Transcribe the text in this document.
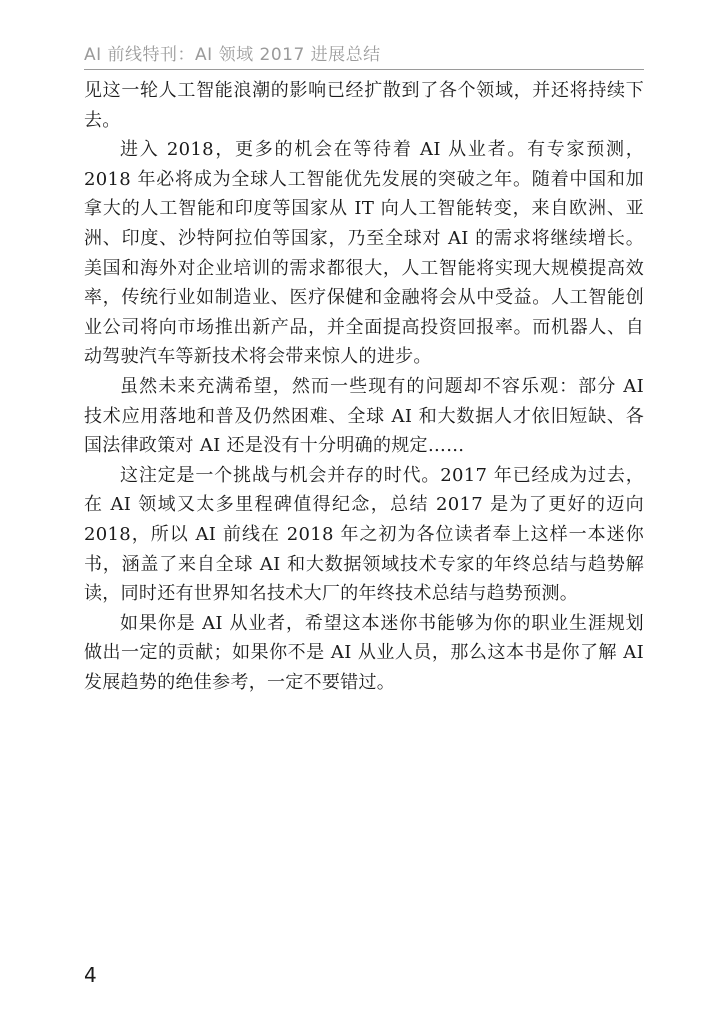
AI 前线特刊：AI 领域 2017 进展总结

见这一轮人工智能浪潮的影响已经扩散到了各个领域，并还将持续下去。

进入 2018，更多的机会在等待着 AI 从业者。有专家预测，2018 年必将成为全球人工智能优先发展的突破之年。随着中国和加拿大的人工智能和印度等国家从 IT 向人工智能转变，来自欧洲、亚洲、印度、沙特阿拉伯等国家，乃至全球对 AI 的需求将继续增长。美国和海外对企业培训的需求都很大，人工智能将实现大规模提高效率，传统行业如制造业、医疗保健和金融将会从中受益。人工智能创业公司将向市场推出新产品，并全面提高投资回报率。而机器人、自动驾驶汽车等新技术将会带来惊人的进步。

虽然未来充满希望，然而一些现有的问题却不容乐观：部分 AI 技术应用落地和普及仍然困难、全球 AI 和大数据人才依旧短缺、各国法律政策对 AI 还是没有十分明确的规定……

这注定是一个挑战与机会并存的时代。2017 年已经成为过去，在 AI 领域又太多里程碑值得纪念，总结 2017 是为了更好的迈向 2018，所以 AI 前线在 2018 年之初为各位读者奉上这样一本迷你书，涵盖了来自全球 AI 和大数据领域技术专家的年终总结与趋势解读，同时还有世界知名技术大厂的年终技术总结与趋势预测。

如果你是 AI 从业者，希望这本迷你书能够为你的职业生涯规划做出一定的贡献；如果你不是 AI 从业人员，那么这本书是你了解 AI 发展趋势的绝佳参考，一定不要错过。

4
